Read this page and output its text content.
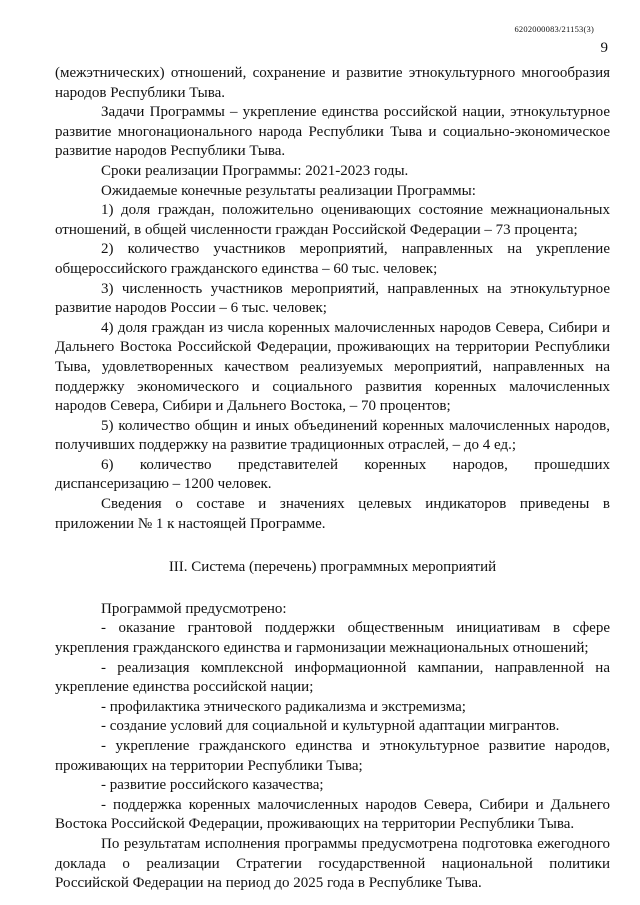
6202000083/21153(3)
9

(межэтнических) отношений, сохранение и развитие этнокультурного многообразия народов Республики Тыва.

Задачи Программы – укрепление единства российской нации, этнокультурное развитие многонационального народа Республики Тыва и социально-экономическое развитие народов Республики Тыва.

Сроки реализации Программы: 2021-2023 годы.

Ожидаемые конечные результаты реализации Программы:

1) доля граждан, положительно оценивающих состояние межнациональных отношений, в общей численности граждан Российской Федерации – 73 процента;

2) количество участников мероприятий, направленных на укрепление общероссийского гражданского единства – 60 тыс. человек;

3) численность участников мероприятий, направленных на этнокультурное развитие народов России – 6 тыс. человек;

4) доля граждан из числа коренных малочисленных народов Севера, Сибири и Дальнего Востока Российской Федерации, проживающих на территории Республики Тыва, удовлетворенных качеством реализуемых мероприятий, направленных на поддержку экономического и социального развития коренных малочисленных народов Севера, Сибири и Дальнего Востока, – 70 процентов;

5) количество общин и иных объединений коренных малочисленных народов, получивших поддержку на развитие традиционных отраслей, – до 4 ед.;

6) количество представителей коренных народов, прошедших диспансеризацию – 1200 человек.

Сведения о составе и значениях целевых индикаторов приведены в приложении № 1 к настоящей Программе.

III. Система (перечень) программных мероприятий

Программой предусмотрено:

- оказание грантовой поддержки общественным инициативам в сфере укрепления гражданского единства и гармонизации межнациональных отношений;

- реализация комплексной информационной кампании, направленной на укрепление единства российской нации;

- профилактика этнического радикализма и экстремизма;

- создание условий для социальной и культурной адаптации мигрантов.

- укрепление гражданского единства и этнокультурное развитие народов, проживающих на территории Республики Тыва;

- развитие российского казачества;

- поддержка коренных малочисленных народов Севера, Сибири и Дальнего Востока Российской Федерации, проживающих на территории Республики Тыва.

По результатам исполнения программы предусмотрена подготовка ежегодного доклада о реализации Стратегии государственной национальной политики Российской Федерации на период до 2025 года в Республике Тыва.
